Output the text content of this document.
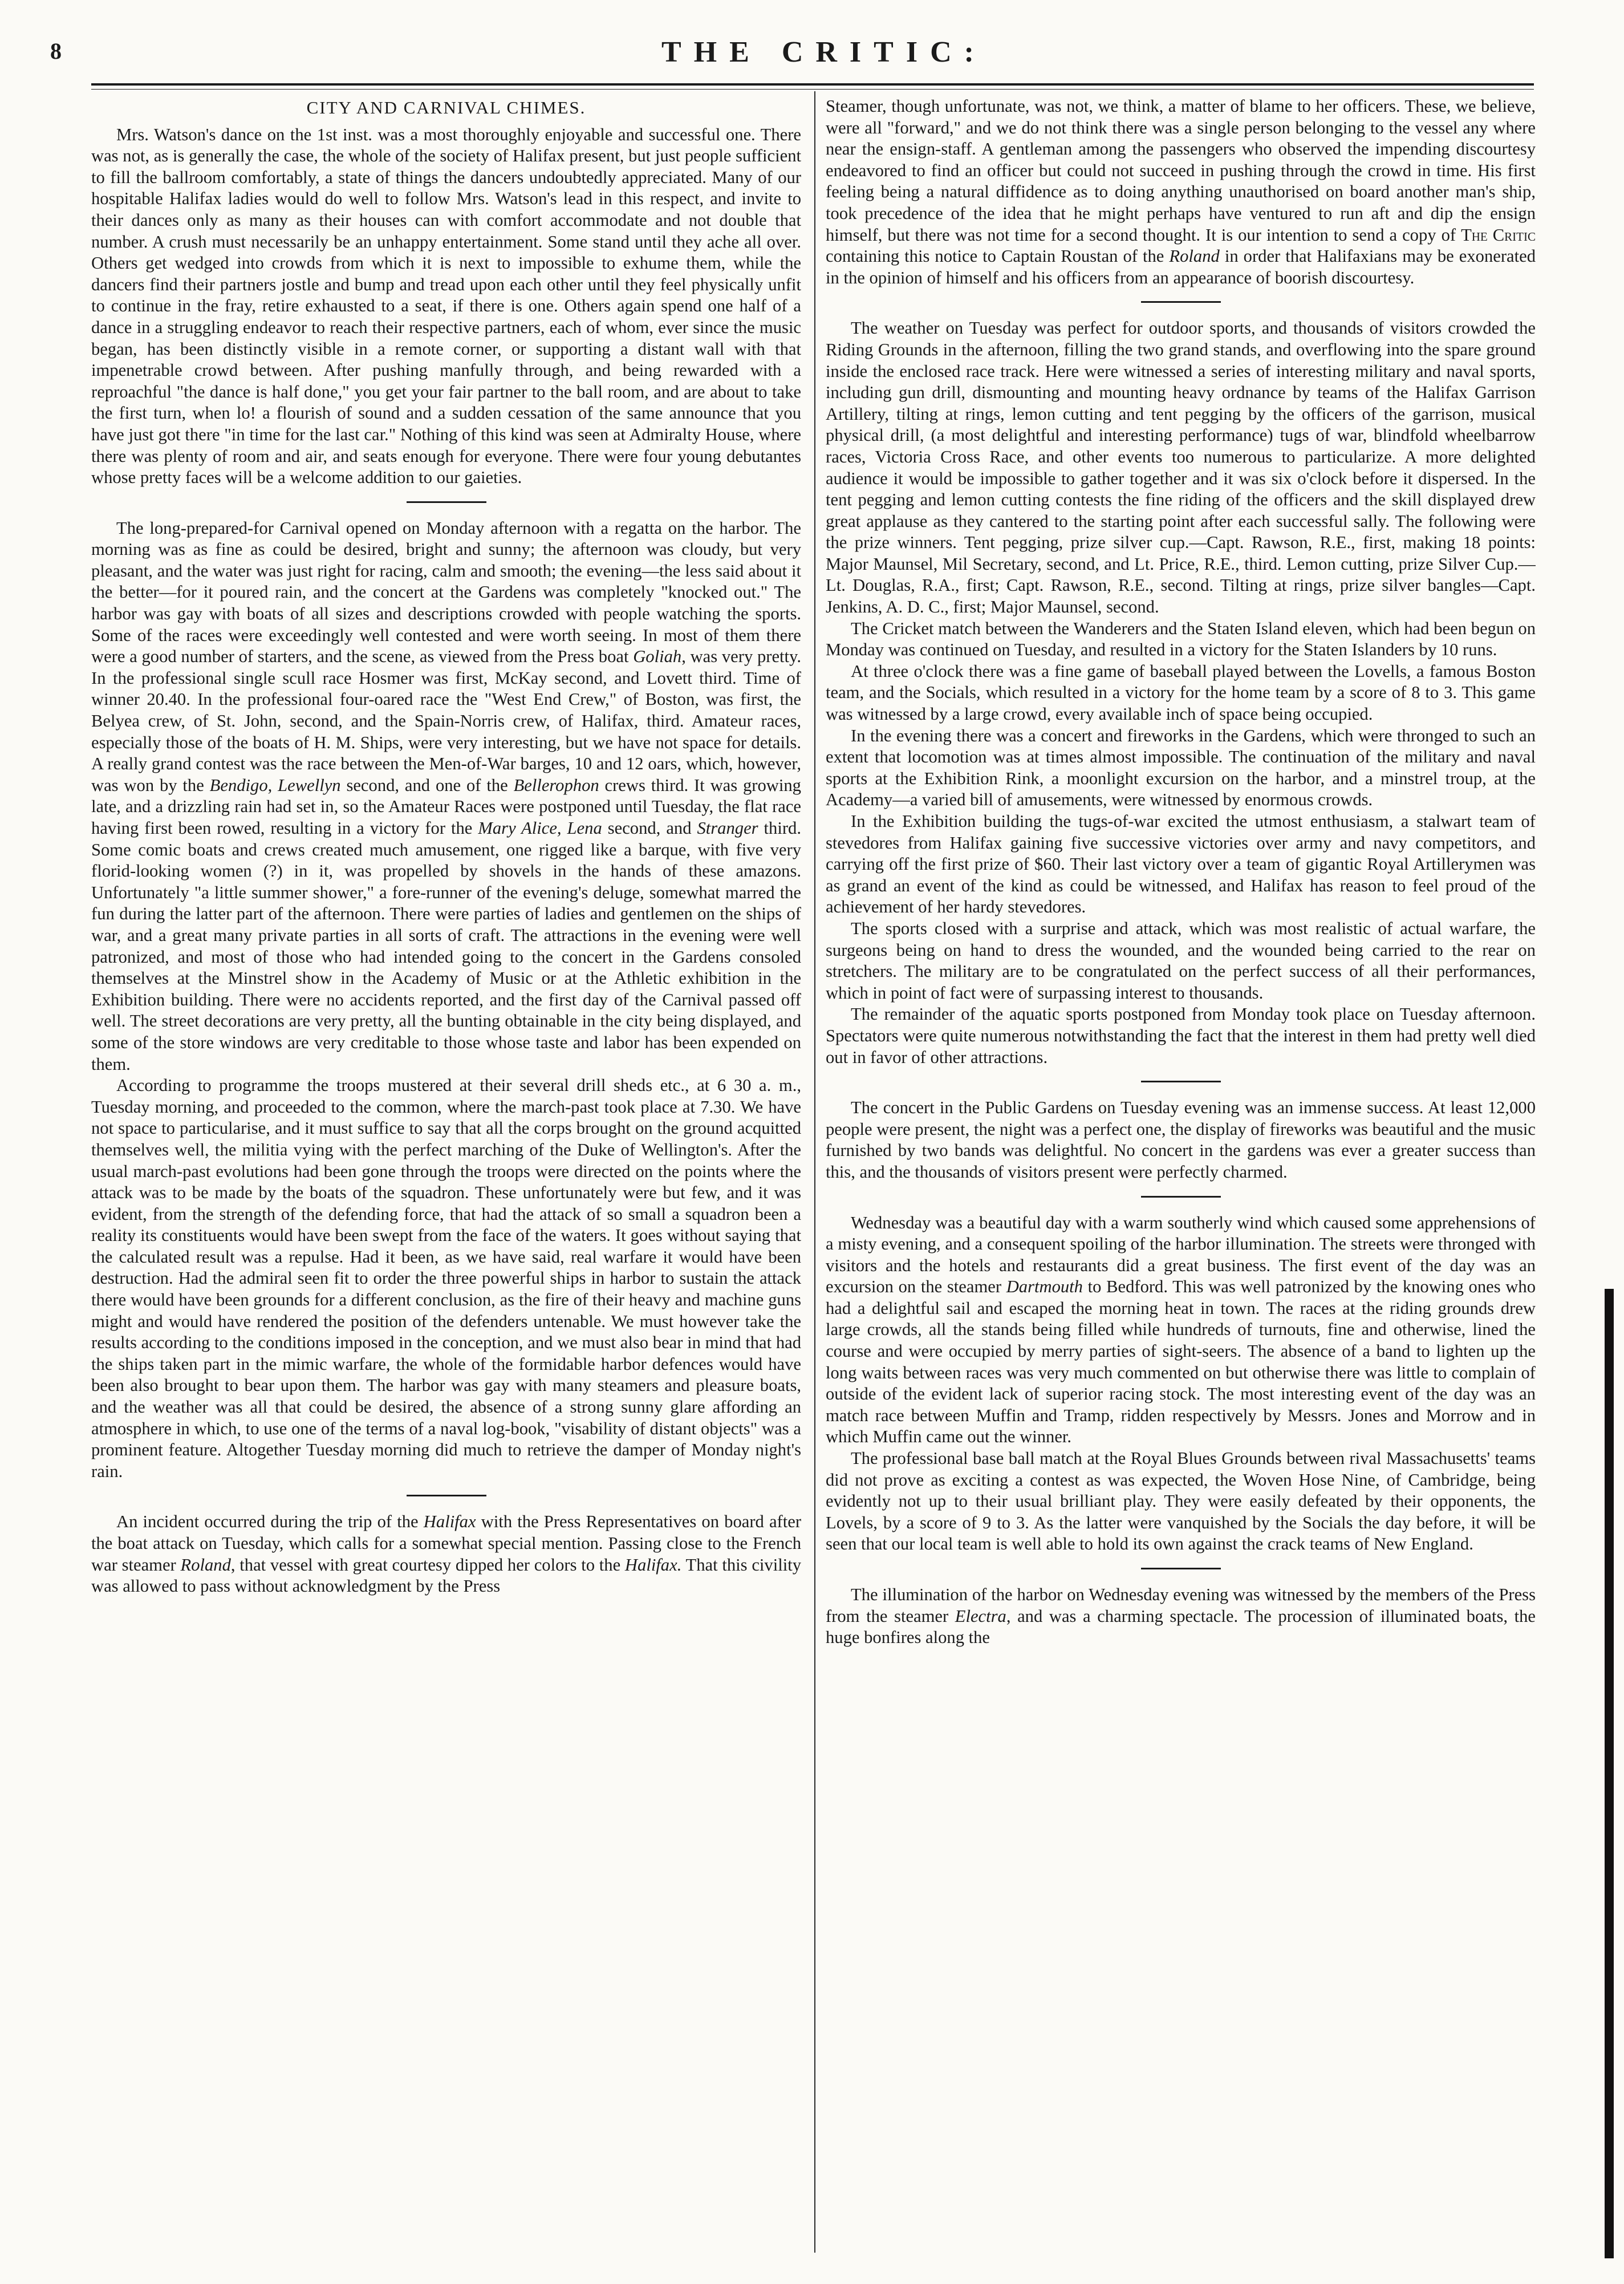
8	THE CRITIC:
CITY AND CARNIVAL CHIMES.

Mrs. Watson's dance on the 1st inst. was a most thoroughly enjoyable and successful one. There was not, as is generally the case, the whole of the society of Halifax present, but just people sufficient to fill the ballroom comfortably, a state of things the dancers undoubtedly appreciated. Many of our hospitable Halifax ladies would do well to follow Mrs. Watson's lead in this respect, and invite to their dances only as many as their houses can with comfort accommodate and not double that number. A crush must necessarily be an unhappy entertainment. Some stand until they ache all over. Others get wedged into crowds from which it is next to impossible to exhume them, while the dancers find their partners jostle and bump and tread upon each other until they feel physically unfit to continue in the fray, retire exhausted to a seat, if there is one. Others again spend one half of a dance in a struggling endeavor to reach their respective partners, each of whom, ever since the music began, has been distinctly visible in a remote corner, or supporting a distant wall with that impenetrable crowd between. After pushing manfully through, and being rewarded with a reproachful "the dance is half done," you get your fair partner to the ball room, and are about to take the first turn, when lo! a flourish of sound and a sudden cessation of the same announce that you have just got there "in time for the last car." Nothing of this kind was seen at Admiralty House, where there was plenty of room and air, and seats enough for everyone. There were four young debutantes whose pretty faces will be a welcome addition to our gaieties.

The long-prepared-for Carnival opened on Monday afternoon with a regatta on the harbor. The morning was as fine as could be desired, bright and sunny; the afternoon was cloudy, but very pleasant, and the water was just right for racing, calm and smooth; the evening—the less said about it the better—for it poured rain, and the concert at the Gardens was completely "knocked out." The harbor was gay with boats of all sizes and descriptions crowded with people watching the sports. Some of the races were exceedingly well contested and were worth seeing. In most of them there were a good number of starters, and the scene, as viewed from the Press boat Goliah, was very pretty. In the professional single scull race Hosmer was first, McKay second, and Lovett third. Time of winner 20.40. In the professional four-oared race the "West End Crew," of Boston, was first, the Belyea crew, of St. John, second, and the Spain-Norris crew, of Halifax, third. Amateur races, especially those of the boats of H. M. Ships, were very interesting, but we have not space for details. A really grand contest was the race between the Men-of-War barges, 10 and 12 oars, which, however, was won by the Bendigo, Lewellyn second, and one of the Bellerophon crews third. It was growing late, and a drizzling rain had set in, so the Amateur Races were postponed until Tuesday, the flat race having first been rowed, resulting in a victory for the Mary Alice, Lena second, and Stranger third. Some comic boats and crews created much amusement, one rigged like a barque, with five very florid-looking women (?) in it, was propelled by shovels in the hands of these amazons. Unfortunately "a little summer shower," a fore-runner of the evening's deluge, somewhat marred the fun during the latter part of the afternoon. There were parties of ladies and gentlemen on the ships of war, and a great many private parties in all sorts of craft. The attractions in the evening were well patronized, and most of those who had intended going to the concert in the Gardens consoled themselves at the Minstrel show in the Academy of Music or at the Athletic exhibition in the Exhibition building. There were no accidents reported, and the first day of the Carnival passed off well. The street decorations are very pretty, all the bunting obtainable in the city being displayed, and some of the store windows are very creditable to those whose taste and labor has been expended on them.

According to programme the troops mustered at their several drill sheds etc., at 6 30 a. m., Tuesday morning, and proceeded to the common, where the march-past took place at 7.30. We have not space to particularise, and it must suffice to say that all the corps brought on the ground acquitted themselves well, the militia vying with the perfect marching of the Duke of Wellington's. After the usual march-past evolutions had been gone through the troops were directed on the points where the attack was to be made by the boats of the squadron. These unfortunately were but few, and it was evident, from the strength of the defending force, that had the attack of so small a squadron been a reality its constituents would have been swept from the face of the waters. It goes without saying that the calculated result was a repulse. Had it been, as we have said, real warfare it would have been destruction. Had the admiral seen fit to order the three powerful ships in harbor to sustain the attack there would have been grounds for a different conclusion, as the fire of their heavy and machine guns might and would have rendered the position of the defenders untenable. We must however take the results according to the conditions imposed in the conception, and we must also bear in mind that had the ships taken part in the mimic warfare, the whole of the formidable harbor defences would have been also brought to bear upon them. The harbor was gay with many steamers and pleasure boats, and the weather was all that could be desired, the absence of a strong sunny glare affording an atmosphere in which, to use one of the terms of a naval log-book, "visability of distant objects" was a prominent feature. Altogether Tuesday morning did much to retrieve the damper of Monday night's rain.

An incident occurred during the trip of the Halifax with the Press Representatives on board after the boat attack on Tuesday, which calls for a somewhat special mention. Passing close to the French war steamer Roland, that vessel with great courtesy dipped her colors to the Halifax. That this civility was allowed to pass without acknowledgment by the Press

Steamer, though unfortunate, was not, we think, a matter of blame to her officers. These, we believe, were all "forward," and we do not think there was a single person belonging to the vessel any where near the ensign-staff. A gentleman among the passengers who observed the impending discourtesy endeavored to find an officer but could not succeed in pushing through the crowd in time. His first feeling being a natural diffidence as to doing anything unauthorised on board another man's ship, took precedence of the idea that he might perhaps have ventured to run aft and dip the ensign himself, but there was not time for a second thought. It is our intention to send a copy of The Critic containing this notice to Captain Roustan of the Roland in order that Halifaxians may be exonerated in the opinion of himself and his officers from an appearance of boorish discourtesy.

The weather on Tuesday was perfect for outdoor sports, and thousands of visitors crowded the Riding Grounds in the afternoon, filling the two grand stands, and overflowing into the spare ground inside the enclosed race track. Here were witnessed a series of interesting military and naval sports, including gun drill, dismounting and mounting heavy ordnance by teams of the Halifax Garrison Artillery, tilting at rings, lemon cutting and tent pegging by the officers of the garrison, musical physical drill, (a most delightful and interesting performance) tugs of war, blindfold wheelbarrow races, Victoria Cross Race, and other events too numerous to particularize. A more delighted audience it would be impossible to gather together and it was six o'clock before it dispersed. In the tent pegging and lemon cutting contests the fine riding of the officers and the skill displayed drew great applause as they cantered to the starting point after each successful sally. The following were the prize winners. Tent pegging, prize silver cup.—Capt. Rawson, R.E., first, making 18 points: Major Maunsel, Mil Secretary, second, and Lt. Price, R.E., third. Lemon cutting, prize Silver Cup.—Lt. Douglas, R.A., first; Capt. Rawson, R.E., second. Tilting at rings, prize silver bangles—Capt. Jenkins, A. D. C., first; Major Maunsel, second.

The Cricket match between the Wanderers and the Staten Island eleven, which had been begun on Monday was continued on Tuesday, and resulted in a victory for the Staten Islanders by 10 runs.

At three o'clock there was a fine game of baseball played between the Lovells, a famous Boston team, and the Socials, which resulted in a victory for the home team by a score of 8 to 3. This game was witnessed by a large crowd, every available inch of space being occupied.

In the evening there was a concert and fireworks in the Gardens, which were thronged to such an extent that locomotion was at times almost impossible. The continuation of the military and naval sports at the Exhibition Rink, a moonlight excursion on the harbor, and a minstrel troup, at the Academy—a varied bill of amusements, were witnessed by enormous crowds.

In the Exhibition building the tugs-of-war excited the utmost enthusiasm, a stalwart team of stevedores from Halifax gaining five successive victories over army and navy competitors, and carrying off the first prize of $60. Their last victory over a team of gigantic Royal Artillerymen was as grand an event of the kind as could be witnessed, and Halifax has reason to feel proud of the achievement of her hardy stevedores.

The sports closed with a surprise and attack, which was most realistic of actual warfare, the surgeons being on hand to dress the wounded, and the wounded being carried to the rear on stretchers. The military are to be congratulated on the perfect success of all their performances, which in point of fact were of surpassing interest to thousands.

The remainder of the aquatic sports postponed from Monday took place on Tuesday afternoon. Spectators were quite numerous notwithstanding the fact that the interest in them had pretty well died out in favor of other attractions.

The concert in the Public Gardens on Tuesday evening was an immense success. At least 12,000 people were present, the night was a perfect one, the display of fireworks was beautiful and the music furnished by two bands was delightful. No concert in the gardens was ever a greater success than this, and the thousands of visitors present were perfectly charmed.

Wednesday was a beautiful day with a warm southerly wind which caused some apprehensions of a misty evening, and a consequent spoiling of the harbor illumination. The streets were thronged with visitors and the hotels and restaurants did a great business. The first event of the day was an excursion on the steamer Dartmouth to Bedford. This was well patronized by the knowing ones who had a delightful sail and escaped the morning heat in town. The races at the riding grounds drew large crowds, all the stands being filled while hundreds of turnouts, fine and otherwise, lined the course and were occupied by merry parties of sight-seers. The absence of a band to lighten up the long waits between races was very much commented on but otherwise there was little to complain of outside of the evident lack of superior racing stock. The most interesting event of the day was an match race between Muffin and Tramp, ridden respectively by Messrs. Jones and Morrow and in which Muffin came out the winner.

The professional base ball match at the Royal Blues Grounds between rival Massachusetts' teams did not prove as exciting a contest as was expected, the Woven Hose Nine, of Cambridge, being evidently not up to their usual brilliant play. They were easily defeated by their opponents, the Lovels, by a score of 9 to 3. As the latter were vanquished by the Socials the day before, it will be seen that our local team is well able to hold its own against the crack teams of New England.

The illumination of the harbor on Wednesday evening was witnessed by the members of the Press from the steamer Electra, and was a charming spectacle. The procession of illuminated boats, the huge bonfires along the
